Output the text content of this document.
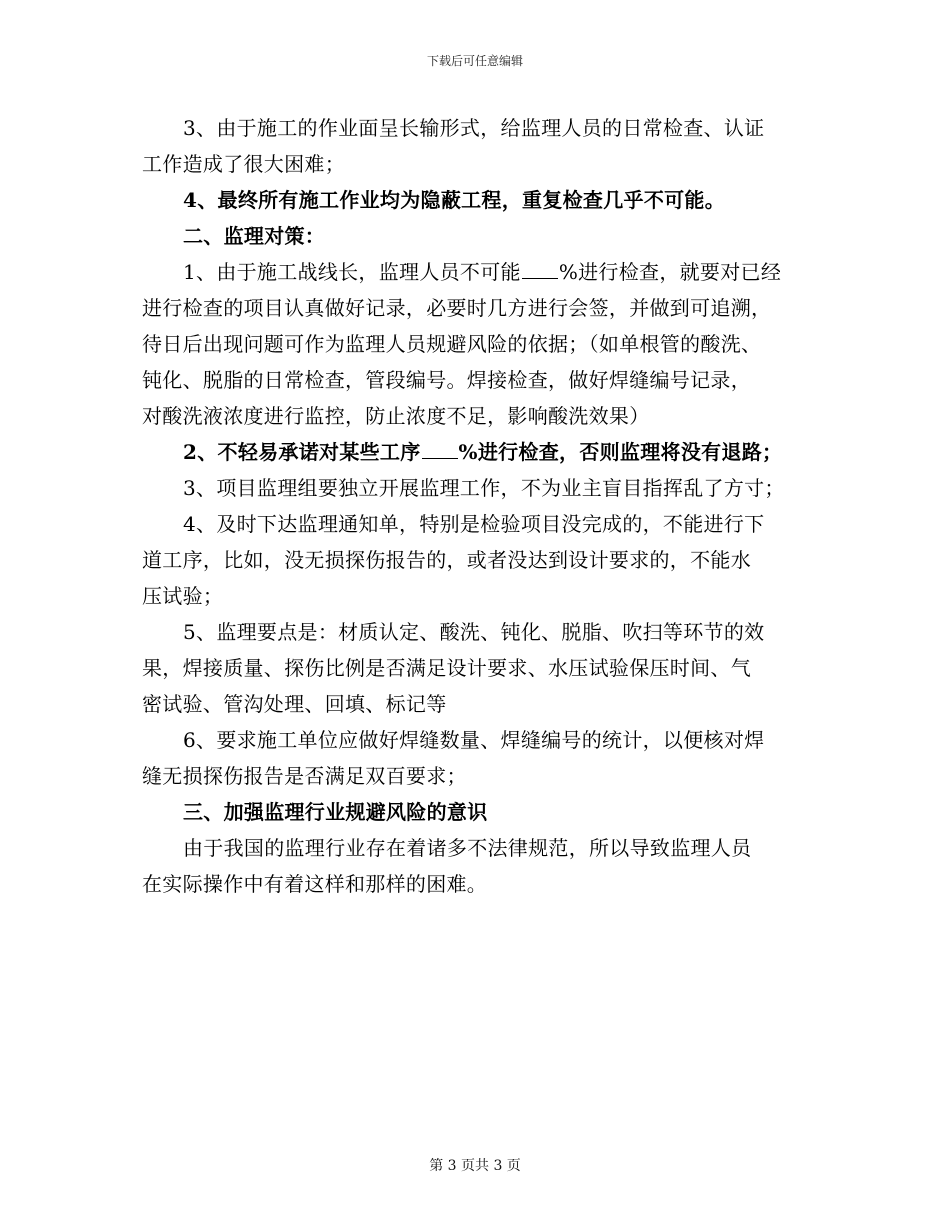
下载后可任意编辑
3、由于施工的作业面呈长输形式，给监理人员的日常检查、认证
工作造成了很大困难；
4、最终所有施工作业均为隐蔽工程，重复检查几乎不可能。
二、监理对策：
1、由于施工战线长，监理人员不可能 %进行检查，就要对已经
进行检查的项目认真做好记录，必要时几方进行会签，并做到可追溯，
待日后出现问题可作为监理人员规避风险的依据；（如单根管的酸洗、
钝化、脱脂的日常检查，管段编号。焊接检查，做好焊缝编号记录，
对酸洗液浓度进行监控，防止浓度不足，影响酸洗效果）
2、不轻易承诺对某些工序 %进行检查，否则监理将没有退路；
3、项目监理组要独立开展监理工作，不为业主盲目指挥乱了方寸；
4、及时下达监理通知单，特别是检验项目没完成的，不能进行下
道工序，比如，没无损探伤报告的，或者没达到设计要求的，不能水
压试验；
5、监理要点是：材质认定、酸洗、钝化、脱脂、吹扫等环节的效
果，焊接质量、探伤比例是否满足设计要求、水压试验保压时间、气
密试验、管沟处理、回填、标记等
6、要求施工单位应做好焊缝数量、焊缝编号的统计，以便核对焊
缝无损探伤报告是否满足双百要求；
三、加强监理行业规避风险的意识
由于我国的监理行业存在着诸多不法律规范，所以导致监理人员
在实际操作中有着这样和那样的困难。
第 3 页共 3 页
